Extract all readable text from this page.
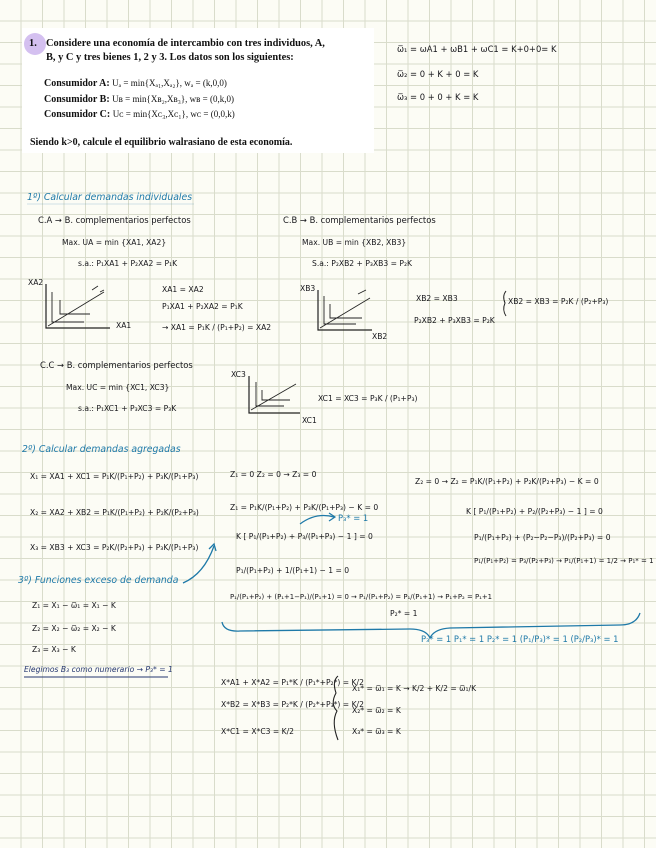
1. Considere una economía de intercambio con tres individuos, A,
B, y C y tres bienes 1, 2 y 3. Los datos son los siguientes:
Consumidor A: Uₐ = min{Xₐ₁,Xₐ₂}, wₐ = (k,0,0)
Consumidor B: Uʙ = min{Xʙ₂,Xʙ₃}, wʙ = (0,k,0)
Consumidor C: Uᴄ = min{Xᴄ₃,Xᴄ₁}, wᴄ = (0,0,k)
Siendo k>0, calcule el equilibrio walrasiano de esta economía.
ω̅₁ = ωA1 + ωB1 + ωC1 = K+0+0= K
ω̅₂ = 0 + K + 0 = K
ω̅₃ = 0 + 0 + K = K
1º) Calcular demandas individuales
C.A → B. complementarios perfectos
Max. UA = min {XA1, XA2}
s.a.: P₁XA1 + P₂XA2 = P₁K
XA2
XA1
XA1 = XA2
P₁XA1 + P₂XA2 = P₁K
→ XA1 = P₁K / (P₁+P₂) = XA2
C.B → B. complementarios perfectos
Max. UB = min {XB2, XB3}
S.a.: P₂XB2 + P₃XB3 = P₂K
XB3
XB2
XB2 = XB3
P₂XB2 + P₃XB3 = P₂K
XB2 = XB3 = P₂K / (P₂+P₃)
C.C → B. complementarios perfectos
Max. UC = min {XC1, XC3}
s.a.: P₁XC1 + P₃XC3 = P₃K
XC3
XC1
XC1 = XC3 = P₃K / (P₁+P₃)
2º) Calcular demandas agregadas
X₁ = XA1 + XC1 = P₁K/(P₁+P₂) + P₃K/(P₁+P₃)
X₂ = XA2 + XB2 = P₁K/(P₁+P₂) + P₂K/(P₂+P₃)
X₃ = XB3 + XC3 = P₂K/(P₂+P₃) + P₃K/(P₁+P₃)
3º) Funciones exceso de demanda
Z₁ = X₁ − ω̅₁ = X₁ − K
Z₂ = X₂ − ω̅₂ = X₂ − K
Z₃ = X₃ − K
Elegimos B₃ como numerario → P₃* = 1
Z₁ = 0 Z₂ = 0 → Z₃ = 0
Z₁ = P₁K/(P₁+P₂) + P₃K/(P₁+P₃) − K = 0
K [ P₁/(P₁+P₂) + P₃/(P₁+P₃) − 1 ] = 0
P₃* = 1
P₁/(P₁+P₂) + 1/(P₁+1) − 1 = 0
P₁/(P₁+P₂) + (P₁+1−P₁)/(P₁+1) = 0 → P₁/(P₁+P₂) = P₁/(P₁+1) → P₁+P₂ = P₁+1
P₂* = 1
Z₂ = 0 → Z₂ = P₁K/(P₁+P₂) + P₂K/(P₂+P₃) − K = 0
K [ P₁/(P₁+P₂) + P₂/(P₂+P₃) − 1 ] = 0
P₁/(P₁+P₂) + (P₂−P₂−P₃)/(P₂+P₃) = 0
P₁/(P₁+P₂) = P₃/(P₂+P₃) → P₁/(P₁+1) = 1/2 → P₁* = 1
P₃* = 1 P₁* = 1 P₂* = 1 (P₁/P₃)* = 1 (P₂/P₃)* = 1
X*A1 + X*A2 = P₁*K / (P₁*+P₂*) = K/2
X*B2 = X*B3 = P₂*K / (P₂*+P₃*) = K/2
X*C1 = X*C3 = K/2
X₁* = ω̅₁ = K → K/2 + K/2 = ω̅₁/K
X₂* = ω̅₂ = K
X₃* = ω̅₃ = K
